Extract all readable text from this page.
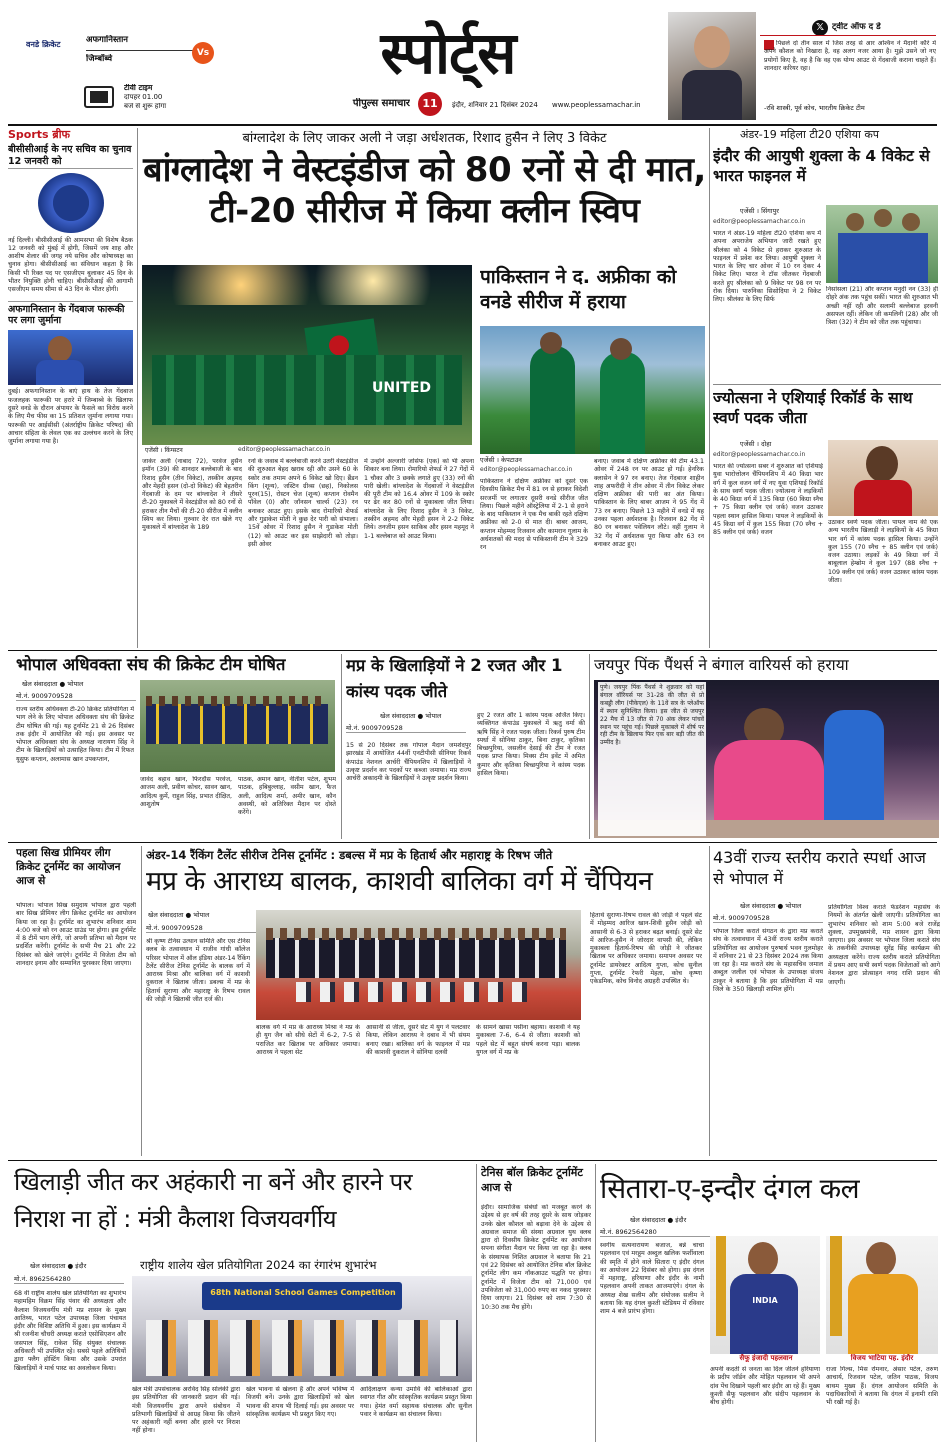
वनडे क्रिकेट	अफगानिस्तान
जिम्बॉब्वे
Vs
टीवी टाइम
दोपहर 01.00
बजे से शुरू होगा
स्पोर्ट्स
पीपुल्स समाचार	11	इंदौर, शनिवार 21 दिसंबर 2024	www.peoplessamachar.in
𝕏 ट्वीट ऑफ द डे
पिछले दो तीन साल में जिस तरह से आर अश्विन ने मैदानी कौरे में अपने कौशल को निखारा है, वह अलग नजर आया है। मुझे उसने जो नए प्रयोगों किए है, वह है कि वह एक योग्य आउट से गेंदबाजी कराना चाहते हैं। शानदार करियर रहा।
-रवि शास्त्री, पूर्व कोच, भारतीय क्रिकेट टीम
Sports ब्रीफ
बीसीसीआई के नए सचिव का चुनाव 12 जनवरी को
नई दिल्ली। बीसीसीआई की आमसभा की विशेष बैठक 12 जनवरी को मुंबई में होगी, जिसमें जय शाह और आशीष शेलार की जगह नये सचिव और कोषाध्यक्ष का चुनाव होगा। बीसीसीआई का संविधान कहता है कि किसी भी रिक्त पद पर एसजीएम बुलाकर 45 दिन के भीतर नियुक्ति होनी चाहिए। बीसीसीआई की आगामी एसजीएम समय सीमा से 43 दिन के भीतर होगी।
अफगानिस्तान के गेंदबाज फारूकी पर लगा जुर्माना
दुबई। अफगानिस्तान के बाएं हाथ के तेज गेंदबाज फजलहक फारूकी पर हरारे में जिम्बाब्वे के खिलाफ दूसरे वनडे के दौरान अंपायर के फैसले का विरोध करने के लिए मैच फीस का 15 प्रतिशत जुर्माना लगाया गया। फारूकी पर आईसीसी (अंतर्राष्ट्रीय क्रिकेट परिषद) की आचार संहिता के लेवल एक का उल्लंघन करने के लिए जुर्माना लगाया गया है।
बांग्लादेश के लिए जाकर अली ने जड़ा अर्धशतक, रिशाद हुसैन ने लिए 3 विकेट
बांग्लादेश ने वेस्टइंडीज को 80 रनों से दी मात, टी-20 सीरीज में किया क्लीन स्विप
UNITED
एजेंसी । किंग्सटन	editor@peoplessamachar.co.in
जाकेर अली (नाबाद 72), परवेज हुसैन इमॉन (39) की शानदार बल्लेबाजी के बाद रिशाद हुसैन (तीन विकेट), तस्कीन अहमद और मेहदी हसन (दो-दो विकेट) की बेहतरीन गेंदबाजी के दम पर बांग्लादेश ने तीसरे टी-20 मुकाबले में वेस्टइंडीज को 80 रनों से हराकर तीन मैचों की टी-20 सीरीज में क्लीन स्विप कर लिया। गुरुवार देर रात खेले गए मुकाबले में बांग्लादेश के 189
रनों के जवाब में बल्लेबाजी करने उतरी वेस्टइंडीज की शुरुआत बेहद खराब रही और उसने 60 के स्कोर तक तमाम अपने 6 विकेट खो दिए। ब्रैंडन किंग (शून्य), जस्टिन ग्रीव्स (छह), निकोलस पूरन(15), रोस्टन चेज (शून्य) कप्तान रोवमैन पॉवेल (0) और जॉनसन चार्ल्स (23) रन बनाकर आउट हुए। इसके बाद रोमारियो शेफर्ड और गुडाकेश मोती ने कुछ देर पारी को संभाला। 15वें ओवर में रिशाद हुसैन ने गुडाकेश मोती (12) को आउट कर इस साझेदारी को तोड़ा। इसी ओवर
में उन्होंने अल्जारी जोसेफ (एक) को भी अपना शिकार बना लिया। रोमारियो शेफर्ड ने 27 गेंदों में 1 चौका और 3 छक्के लगाते हुए (33) रनों की पारी खेली। बांग्लादेश के गेंदबाजों ने वेस्टइंडीज की पूरी टीम को 16.4 ओवर में 109 के स्कोर पर ढेर कर 80 रनों से मुकाबला जीत लिया। बांग्लादेश के लिए रिशाद हुसैन ने 3 विकेट, तस्कीन अहमद और मेहदी हसन ने 2-2 विकेट लिये। तनजीम हसन साकिब और हसन महमूद ने 1-1 बल्लेबाज को आउट किया।
पाकिस्तान ने द. अफ्रीका को वनडे सीरीज में हराया
एजेंसी । केपटाउन
editor@peoplessamachar.co.in
पाकिस्तान ने दक्षिण अफ्रीका को दूसरे एक दिवसीय क्रिकेट मैच में 81 रन से हराकर विदेशी सरजमीं पर लगातार दूसरी वनडे सीरीज जीत लिया। पिछले महीने ऑस्ट्रेलिया में 2-1 से हराने के बाद पाकिस्तान ने एक मैच बाकी रहते दक्षिण अफ्रीका को 2-0 से मात दी। बाबर आजम, कप्तान मोहम्मद रिजवान और कामरान गुलाम के अर्धशतकों की मदद से पाकिस्तानी टीम ने 329 रन
बनाए। जवाब में दक्षिण अफ्रीका की टीम 43.1 ओवर में 248 रन पर आउट हो गई। हेनरिक क्लासेन ने 97 रन बनाए। तेज गेंदबाज शाहीन शाह अफरीदी ने तीन ओवर में तीन विकेट लेकर दक्षिण अफ्रीका की पारी का अंत किया। पाकिस्तान के लिए बाबर आजम ने 95 गेंद में 73 रन बनाए। पिछले 13 महीने में वनडे में यह उनका पहला अर्धशतक है। रिजवान 82 गेंद में 80 रन बनाकर पवेलियन लौटे। वहीं गुलाम ने 32 गेंद में अर्धशतक पूरा किया और 63 रन बनाकर आउट हुए।
अंडर-19 महिला टी20 एशिया कप
इंदौर की आयुषी शुक्ला के 4 विकेट से भारत फाइनल में
एजेंसी । सिंगापुर
editor@peoplessamachar.co.in
भारत ने अंडर-19 महिला टी20 एशिया कप में अपना अपराजेय अभियान जारी रखते हुए श्रीलंका को 4 विकेट से हराकर शुरुआत के फाइनल में प्रवेश कर लिया। आयुषी शुक्ला ने भारत के लिए चार ओवर में 10 रन देकर 4 विकेट लिए। भारत ने टॉस जीतकर गेंदबाजी करते हुए श्रीलंका को 9 विकेट पर 98 रन पर रोक दिया। पारुनिका सिसोदिया ने 2 विकेट लिए। श्रीलंका के लिए सिर्फ
निसांसला (21) और कप्तान मनुदी नन (33) ही दोहरे अंक तक पहुंच सकीं। भारत की शुरुआत भी अच्छी नहीं रही और सलामी बल्लेबाज इरवनी असफल रहीं। लेकिन जी कमलिनी (28) और जी त्रिशा (32) ने टीम को जीत तक पहुंचाया।
ज्योत्सना ने एशियाई रिकॉर्ड के साथ स्वर्ण पदक जीता
एजेंसी । दोहा
editor@peoplessamachar.co.in
भारत की ज्योत्सना सबर ने शुरुआत को एशियाई युवा भारोत्तोलन चैंपियनशिप में 40 किग्रा भार वर्ग में कुल वजन वर्ग में नए युवा एशियाई रिकॉर्ड के साथ स्वर्ण पदक जीता। ज्योत्सना ने लड़कियों के 40 किग्रा वर्ग में 135 किग्रा (60 किग्रा स्नैच + 75 किग्रा क्लीन एवं जर्क) वजन उठाकर पहला स्थान हासिल किया। पायल ने लड़कियों के 45 किग्रा वर्ग में कुल 155 किग्रा (70 स्नैच + 85 क्लीन एवं जर्क) वजन
उठाकर स्वर्ण पदक जीता। पायल नाम की एक अन्य भारतीय खिलाड़ी ने लड़कियों के 45 किग्रा भार वर्ग में कांस्य पदक हासिल किया। उन्होंने कुल 155 (70 स्नैच + 85 क्लीन एवं जर्क) वजन उठाया। लड़कों के 49 किग्रा वर्ग में बाबूलाल हेम्ब्रोम ने कुल 197 (88 स्नैच + 109 क्लीन एवं जर्क) वजन उठाकर कांस्य पदक जीता।
भोपाल अधिवक्ता संघ की क्रिकेट टीम घोषित
खेल संवाददाता ● भोपाल
मो.नं. 9009709528
राज्य स्तरीय अधिवक्ता टी-20 क्रिकेट प्रतियोगिता में भाग लेने के लिए भोपाल अधिवक्ता संघ की क्रिकेट टीम घोषित की गई। यह टूर्नामेंट 21 से 26 दिसंबर तक इंदौर में आयोजित की गई। इस अवसर पर भोपाल अधिवक्ता संघ के अध्यक्ष नारायण सिंह ने टीम के खिलाड़ियों को उत्साहित किया। टीम में रिफत यूसुफ कप्तान, अलामास खान उपकप्तान,
जावेद बहाव खान, फिरदौस परवेज, आजम अली, प्रवीण कोचर, सावन खान, आदित्य कुर्मे, राहुल सिंह, प्रभात दीक्षित, आशुतोष
पाठक, अमान खान, नीतीश पटेल, शुभम पाठक, हबिबुल्लाह, वसीम खान, फैज अली, आदित्य शर्मा, अमीर खान, कौन अवस्थी, को अतिरिक्त मैदान पर दोस्ते करेंगे।
मप्र के खिलाड़ियों ने 2 रजत और 1 कांस्य पदक जीते
खेल संवाददाता ● भोपाल
मो.नं. 9009709528
15 से 20 दिसंबर तक गोपाल मैदान जमशेदपुर झारखंड में आयोजित 44वीं एनटीपीसी सीनियर रिकर्व कंपाउंड नेशनल आर्चरी चैंपियनशिप में खिलाड़ियों ने उत्कृष्ट प्रदर्शन कर पदकों पर कब्जा जमाया। मप्र राज्य आर्चरी अकादमी के खिलाड़ियों ने उत्कृष्ट प्रदर्शन किया।
हुए 2 रजत और 1 कांस्य पदक अर्जित किए। व्यक्तिगत कंपाउंड मुकाबले में ऋतु वर्मा की ऋषि सिंह ने रजत पदक जीता। रिकर्व पुरुष टीम स्पर्धा में सोनिया ठाकुर, बिना टाकुर, कृतिका बिच्छपुरिया, जसलीन देसाई की टीम ने रजत पदक प्राप्त किया। मिक्स टीम इवेंट में अमित कुमार और कृतिका बिच्छपुरिया ने कांस्य पदक हासिल किया।
जयपुर पिंक पैंथर्स ने बंगाल वारियर्स को हराया
पुणे। जयपुर पिंक पैंथर्स ने शुक्रवार को यहां बंगाल वॉरियर्स पर 31-28 की जीत से प्रो कबड्डी लीग (पीकेएल) के 11वें सत्र के प्लेऑफ में स्थान सुनिश्चित किया। इस जीत से जयपुर 22 मैच में 13 जीत से 70 अंक लेकर पांचवें स्थान पर पहुंच गई। पिछले मुकाबले में शीर्ष पर रही टीम के खिलाफ फिर एक बार बड़ी जीत की उम्मीद है।
पहला सिख प्रीमियर लीग क्रिकेट टूर्नामेंट का आयोजन आज से
भोपाल। भोपाल सिख समुदाय भोपाल द्वारा पहली बार सिख प्रीमियर लीग क्रिकेट टूर्नामेंट का आयोजन किया जा रहा है। टूर्नामेंट का शुभारंभ शनिवार शाम 4:00 बजे को रन आउट ग्राउंड पर होगा। इस टूर्नामेंट में 8 टीमें भाग लेंगी, जो अपनी प्रतिभा को मैदान पर प्रदर्शित करेंगी। टूर्नामेंट के सभी मैच 21 और 22 दिसंबर को खेले जाएंगे। टूर्नामेंट में विजेता टीम को शानदार इनाम और सम्मानित पुरस्कार दिया जाएगा।
अंडर-14 रैंकिंग टैलेंट सीरीज टेनिस टूर्नामेंट : डबल्स में मप्र के हितार्थ और महाराष्ट्र के रिषभ जीते
मप्र के आराध्य बालक, काशवी बालिका वर्ग में चैंपियन
खेल संवाददाता ● भोपाल
मो.नं. 9009709528
श्री कृष्ण टेनिस उत्थान समिति और एस टेनिस क्लब के तत्वावधान में राजीव गांधी कॉलेज परिसर भोपाल में ऑल इंडिया अंडर-14 रैंकिंग टैलेंट सीरीज टेनिस टूर्नामेंट के बालक वर्ग में आराध्य मिश्रा और बालिका वर्ग में काशवी दुकराल ने खिताब जीता। डबल्स में मप्र के हितार्थ सुराणा और महाराष्ट्र के रिषभ रावल की जोड़ी ने खिताबी जीत दर्ज की।
बालक वर्ग में मप्र के आराध्य मिश्रा ने मप्र के ही युग जैन को सीधे सेटों में 6-2, 7-5 से पराजित कर खिताब पर अधिकार जमाया। आराध्य ने पहला सेट
आसानी से जीता, दूसरे सेट में युग ने पलटवार किया, लेकिन आराध्य ने दबाव में भी संयम बनाए रखा। बालिका वर्ग के फाइनल में मप्र की काशवी दुकराल ने सोनिया दलवी
के सामने खासा पसीना बहाया। काशवी ने यह मुकाबला 7-6, 6-4 से जीता। काशवी को पहले सेट में बहुत संघर्ष करना पड़ा। बालक युगल वर्ग में मप्र के
हितार्थ सुराणा-रिषभ रावल की जोड़ी ने पहले सेट में मोहम्मद आरिज खान-शिवी हुसैन जोड़ी को आसानी से 6-3 से हराकर बढ़त बनाई। दूसरे सेट में आरिज-हुसैन ने जोरदार वापसी की, लेकिन मुकाबला हितार्थ-रिषभ की जोड़ी ने जीतकर खिताब पर अधिकार जमाया। समापन अवसर पर टूर्नामेंट डायरेक्टर आदित्य गुप्ता, कोच सुनील गुप्ता, टूर्नामेंट रेफरी मेहता, कोच कृष्णा एकेडमिक, कोच विनोद अग्रहरी उपस्थित थे।
43वीं राज्य स्तरीय कराते स्पर्धा आज से भोपाल में
खेल संवाददाता ● भोपाल
मो.नं. 9009709528
भोपाल जिला कराते संगठन के द्वारा मप्र कराते संघ के तत्वावधान में 43वीं राज्य स्तरीय कराते प्रतियोगिता का आयोजन पुरुषार्थ भवन गुलमोहर में शनिवार 21 से 23 दिसंबर 2024 तक किया जा रहा है। मप्र कराते संघ के महासचिव जमाल अब्दुल जलील एवं भोपाल के उपाध्यक्ष संजय ठाकुर ने बताया है कि इस प्रतियोगिता में मप्र जिले के 350 खिलाड़ी शामिल होंगे।
प्रतियोगिता विश्व कराते फेडरेशन महासंघ के नियमों के अंतर्गत खेली जाएगी। प्रतियोगिता का शुभारंभ शनिवार को शाम 5:00 बजे राजेंद्र शुक्ला, उपमुख्यमंत्री, मप्र शासन द्वारा किया जाएगा। इस अवसर पर भोपाल जिला कराते संघ के तकनीकी उपाध्यक्ष सुरेंद्र सिंह कार्यक्रम की अध्यक्षता करेंगे। राज्य स्तरीय कराते प्रतियोगिता में प्रथम आए सभी स्वर्ण पदक विजेताओं को आगे नेशनल द्वारा प्रोत्साहन नगद राशि प्रदान की जाएगी।
खिलाड़ी जीत कर अहंकारी ना बनें और हारने पर निराश ना हों : मंत्री कैलाश विजयवर्गीय
राष्ट्रीय शालेय खेल प्रतियोगिता 2024 का रंगारंभ शुभारंभ
खेल संवाददाता ● इंदौर
मो.नं. 8962564280
68 वीं राष्ट्रीय शालेय खेल प्रतियोगिता का शुभारंभ महामहिम विक्रम सिंह पंवार की अध्यक्षता और कैलाश विजयवर्गीय मंत्री मप्र शासन के मुख्य आतिथ्य, भारत पटेल उपाध्यक्ष जिला पंचायत इंदौर और विशिष्ट अतिथि में हुआ। इस कार्यक्रम में श्री रजनीश चौधरी अध्यक्ष कराते एसोसिएशन और जसपाल सिंह, राकेश सिंह संयुक्त संचालक अधिकारी भी उपस्थित रहे। सबसे पहले अतिथियों द्वारा फ्लैग होस्टिंग किया और उसके उपरांत खिलाड़ियों ने मार्च पास्ट का अवलोकन किया।
68th National School Games Competition
खेल मंत्री उपसंचालक अरविंद सिंह सोलंकी द्वारा इस प्रतियोगिता की जानकारी प्रदान की गई। मंत्री विजयवर्गीय द्वारा अपने संबोधन में प्रतिभागी खिलाड़ियों से आग्रह किया कि जीतने पर अहंकारी नहीं बनना और हारने पर निराश नहीं होना।
खेल भावना से खेलना है और अपने भविष्य में विजयी बनें। उनके द्वारा खिलाड़ियों को खेल भावना की शपथ भी दिलाई गई। इस अवसर पर सांस्कृतिक कार्यक्रम भी प्रस्तुत किए गए।
आदिलाक्षण कन्या उमावि की बालिकाओं द्वारा स्वागत गीत और सांस्कृतिक कार्यक्रम प्रस्तुत किया गया। हेमंत वर्मा सहायक संचालक और सुनील पवार ने कार्यक्रम का संचालन किया।
टेनिस बॉल क्रिकेट टूर्नामेंट आज से
इंदौर। सामाजिक संबंधों को मजबूत करने के उद्देश्य से हर वर्ष की तरह दूसरे के साथ जोड़कर उनके खेल कौशल को बढ़ावा देने के उद्देश्य से अग्रवाल समाज की संस्था अग्रवाल युथ क्लब द्वारा दो दिवसीय क्रिकेट टूर्नामेंट का आयोजन सपना संगीता मैदान पर किया जा रहा है। क्लब के संस्थापक निशित अग्रवाल ने बताया कि 21 एवं 22 दिसंबर को आयोजित टेनिस बॉल क्रिकेट टूर्नामेंट लीग कम नॉकआउट पद्धति पर होगा। टूर्नामेंट में विजेता टीम को 71,000 एवं उपविजेता को 31,000 रुपए का नकद पुरस्कार दिया जाएगा। 21 दिसंबर को शाम 7:30 से 10:30 तक मैच होंगे।
सितारा-ए-इन्दौर दंगल कल
खेल संवाददाता ● इंदौर
मो.नं. 8962564280
स्वर्गीय सत्यनारायण बजाज, बन्ने चाचा पहलवान एवं मरहूम अब्दुल खलिक फर्शीवाला की स्मृति में होने वाले सितारा ए इंदौर दंगल का आयोजन 22 दिसंबर को होगा। इस दंगल में महाराष्ट्र, हरियाणा और इंदौर के नामी पहलवान अपनी ताकत आजमाएंगे। दंगल के अध्यक्ष शेख सलीम और संयोजक सलीम ने बताया कि यह दंगल कुश्ती स्टेडियम में रविवार शाम 4 बजे प्रारंभ होगा।
INDIA
सैफू इंजादी पहलवान	विजय भाटिया पह. इंदौर
अपनी कदती से जनता का दिल जीतने हरियाणा के प्रदीप जॉर्डन और मोहित पहलवान भी अपने दांव पेंच दिखाने पहली बार इंदौर आ रहे हैं। मुख्य कुश्ती सैफू पहलवान और संदीप पहलवान के बीच होगी।
राजा गिल्स, मिस रोमनार, अंसार पटेल, तरुण आचार्य, रिजवान पटेल, जतिन पाठक, विजय बाथम मुख्य हैं। दंगल आयोजन समिति के पदाधिकारियों ने बताया कि दंगल में इनामी राशि भी रखी गई है।
